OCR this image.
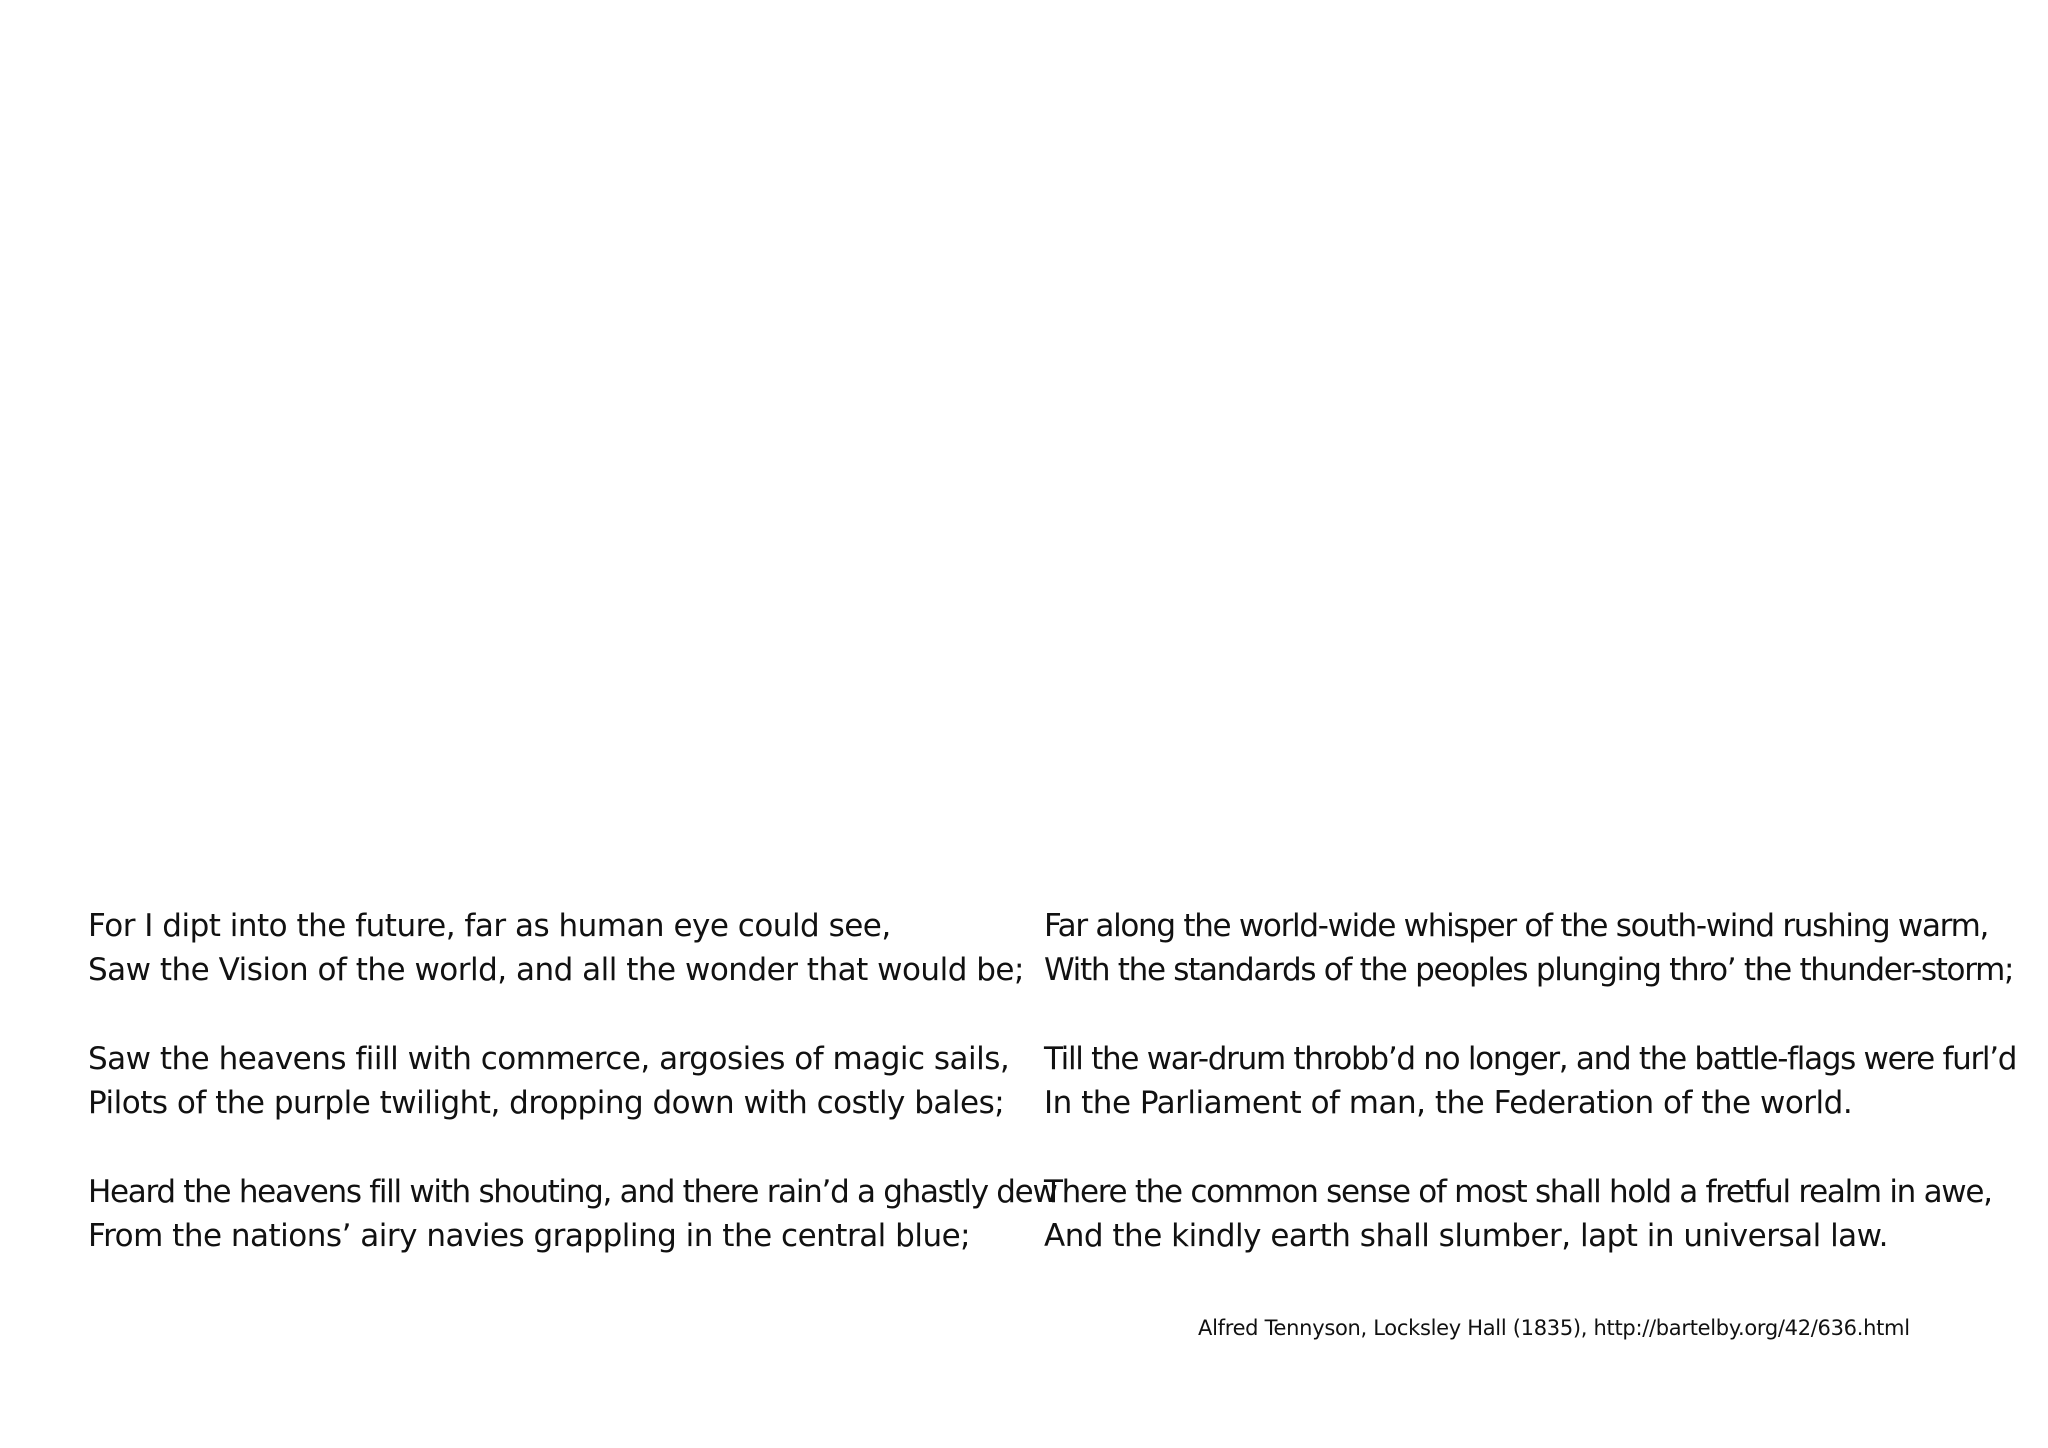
For I dipt into the future, far as human eye could see,
Saw the Vision of the world, and all the wonder that would be;
Saw the heavens fiill with commerce, argosies of magic sails,
Pilots of the purple twilight, dropping down with costly bales;
Heard the heavens fill with shouting, and there rain’d a ghastly dew
From the nations’ airy navies grappling in the central blue;
Far along the world-wide whisper of the south-wind rushing warm,
With the standards of the peoples plunging thro’ the thunder-storm;
Till the war-drum throbb’d no longer, and the battle-flags were furl’d
In the Parliament of man, the Federation of the world.
There the common sense of most shall hold a fretful realm in awe,
And the kindly earth shall slumber, lapt in universal law.
Alfred Tennyson, Locksley Hall (1835), http://bartelby.org/42/636.html
